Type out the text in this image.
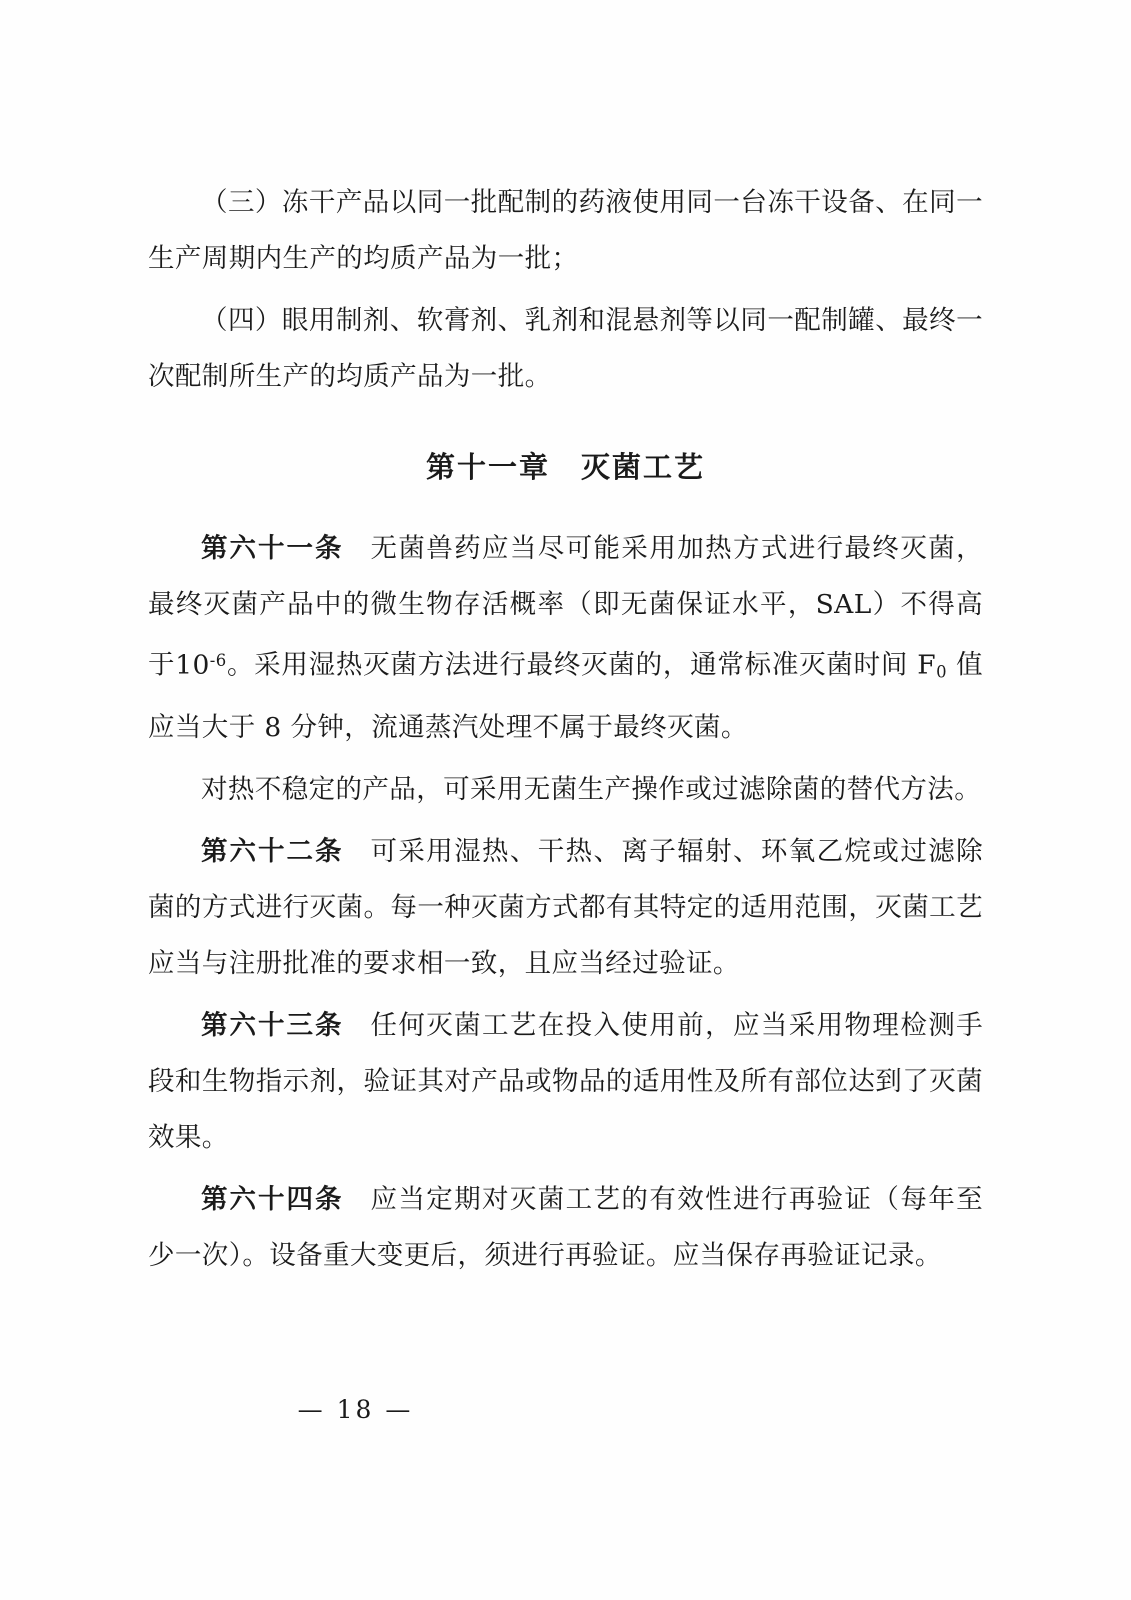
（三）冻干产品以同一批配制的药液使用同一台冻干设备、在同一生产周期内生产的均质产品为一批；

（四）眼用制剂、软膏剂、乳剂和混悬剂等以同一配制罐、最终一次配制所生产的均质产品为一批。

第十一章　灭菌工艺

第六十一条 无菌兽药应当尽可能采用加热方式进行最终灭菌，最终灭菌产品中的微生物存活概率（即无菌保证水平，SAL）不得高于$10^{-6}$。采用湿热灭菌方法进行最终灭菌的，通常标准灭菌时间 $F_0$ 值应当大于 8 分钟，流通蒸汽处理不属于最终灭菌。

对热不稳定的产品，可采用无菌生产操作或过滤除菌的替代方法。

第六十二条 可采用湿热、干热、离子辐射、环氧乙烷或过滤除菌的方式进行灭菌。每一种灭菌方式都有其特定的适用范围，灭菌工艺应当与注册批准的要求相一致，且应当经过验证。

第六十三条 任何灭菌工艺在投入使用前，应当采用物理检测手段和生物指示剂，验证其对产品或物品的适用性及所有部位达到了灭菌效果。

第六十四条 应当定期对灭菌工艺的有效性进行再验证（每年至少一次）。设备重大变更后，须进行再验证。应当保存再验证记录。

— 18 —
